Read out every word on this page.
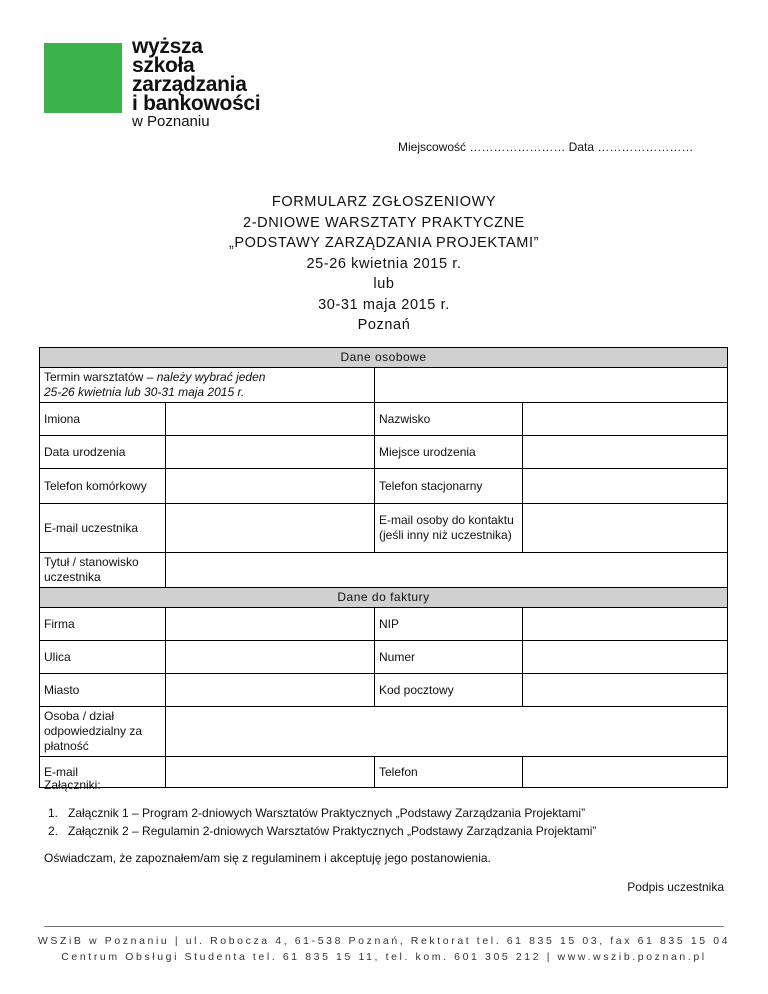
wyższa
szkoła
zarządzania
i bankowości
w Poznaniu
Miejscowość …………………… Data ……………………
FORMULARZ ZGŁOSZENIOWY
2-DNIOWE WARSZTATY PRAKTYCZNE
„PODSTAWY ZARZĄDZANIA PROJEKTAMI”
25-26 kwietnia 2015 r.
lub
30-31 maja 2015 r.
Poznań
Dane osobowe			
Termin warsztatów – należy wybrać jeden
25-26 kwietnia lub 30-31 maja 2015 r.			
Imiona		Nazwisko	
Data urodzenia		Miejsce urodzenia	
Telefon komórkowy		Telefon stacjonarny	
E-mail uczestnika		E-mail osoby do kontaktu (jeśli inny niż uczestnika)	
Tytuł / stanowisko uczestnika			
Dane do faktury			
Firma		NIP	
Ulica		Numer	
Miasto		Kod pocztowy	
Osoba / dział odpowiedzialny za płatność			
E-mail		Telefon	
Załączniki:
1. Załącznik 1 – Program 2-dniowych Warsztatów Praktycznych „Podstawy Zarządzania Projektami”
2. Załącznik 2 – Regulamin 2-dniowych Warsztatów Praktycznych „Podstawy Zarządzania Projektami”
Oświadczam, że zapoznałem/am się z regulaminem i akceptuję jego postanowienia.
Podpis uczestnika
WSZiB w Poznaniu | ul. Robocza 4, 61-538 Poznań, Rektorat tel. 61 835 15 03, fax 61 835 15 04
Centrum Obsługi Studenta tel. 61 835 15 11, tel. kom. 601 305 212 | www.wszib.poznan.pl
